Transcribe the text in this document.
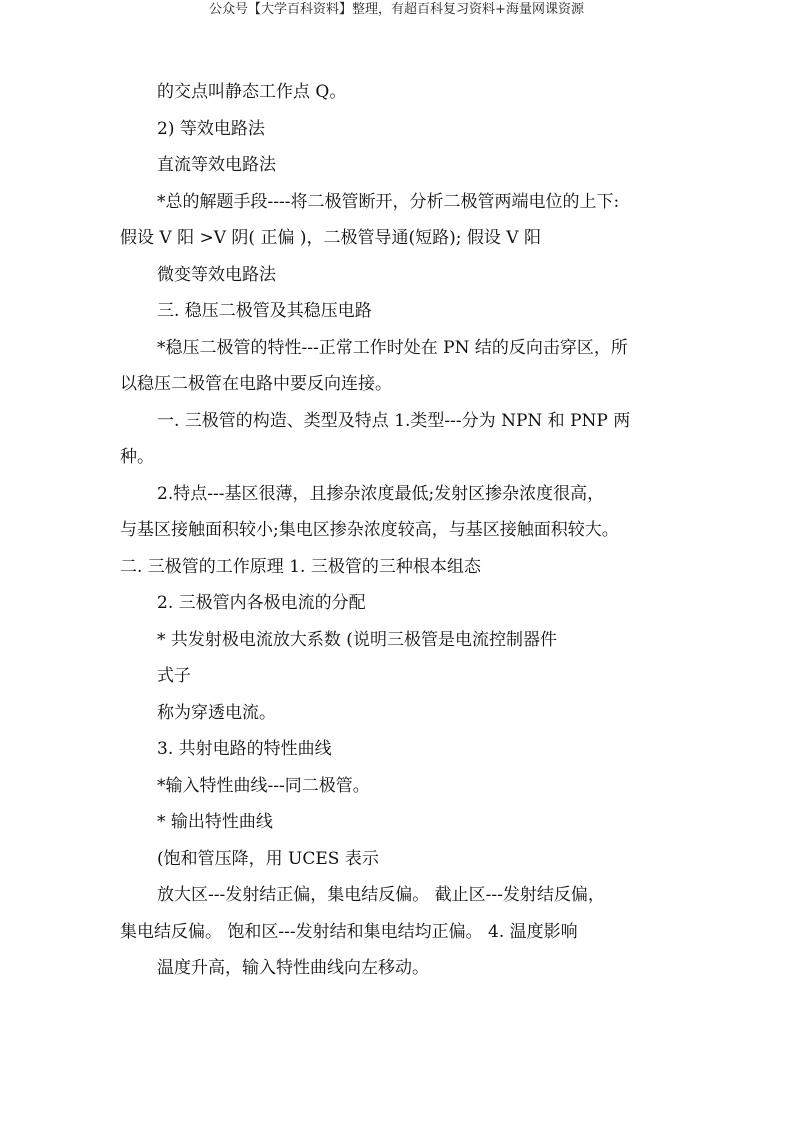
公众号【大学百科资料】整理，有超百科复习资料+海量网课资源
的交点叫静态工作点 Q。
2) 等效电路法
直流等效电路法
*总的解题手段----将二极管断开，分析二极管两端电位的上下:
假设 V 阳 >V 阴( 正偏 )，二极管导通(短路); 假设 V 阳
微变等效电路法
三. 稳压二极管及其稳压电路
*稳压二极管的特性---正常工作时处在 PN 结的反向击穿区，所
以稳压二极管在电路中要反向连接。
一. 三极管的构造、类型及特点 1.类型---分为 NPN 和 PNP 两
种。
2.特点---基区很薄，且掺杂浓度最低;发射区掺杂浓度很高，
与基区接触面积较小;集电区掺杂浓度较高，与基区接触面积较大。
二. 三极管的工作原理 1. 三极管的三种根本组态
2. 三极管内各极电流的分配
* 共发射极电流放大系数 (说明三极管是电流控制器件
式子
称为穿透电流。
3. 共射电路的特性曲线
*输入特性曲线---同二极管。
* 输出特性曲线
(饱和管压降，用 UCES 表示
放大区---发射结正偏，集电结反偏。 截止区---发射结反偏，
集电结反偏。 饱和区---发射结和集电结均正偏。 4. 温度影响
温度升高，输入特性曲线向左移动。
